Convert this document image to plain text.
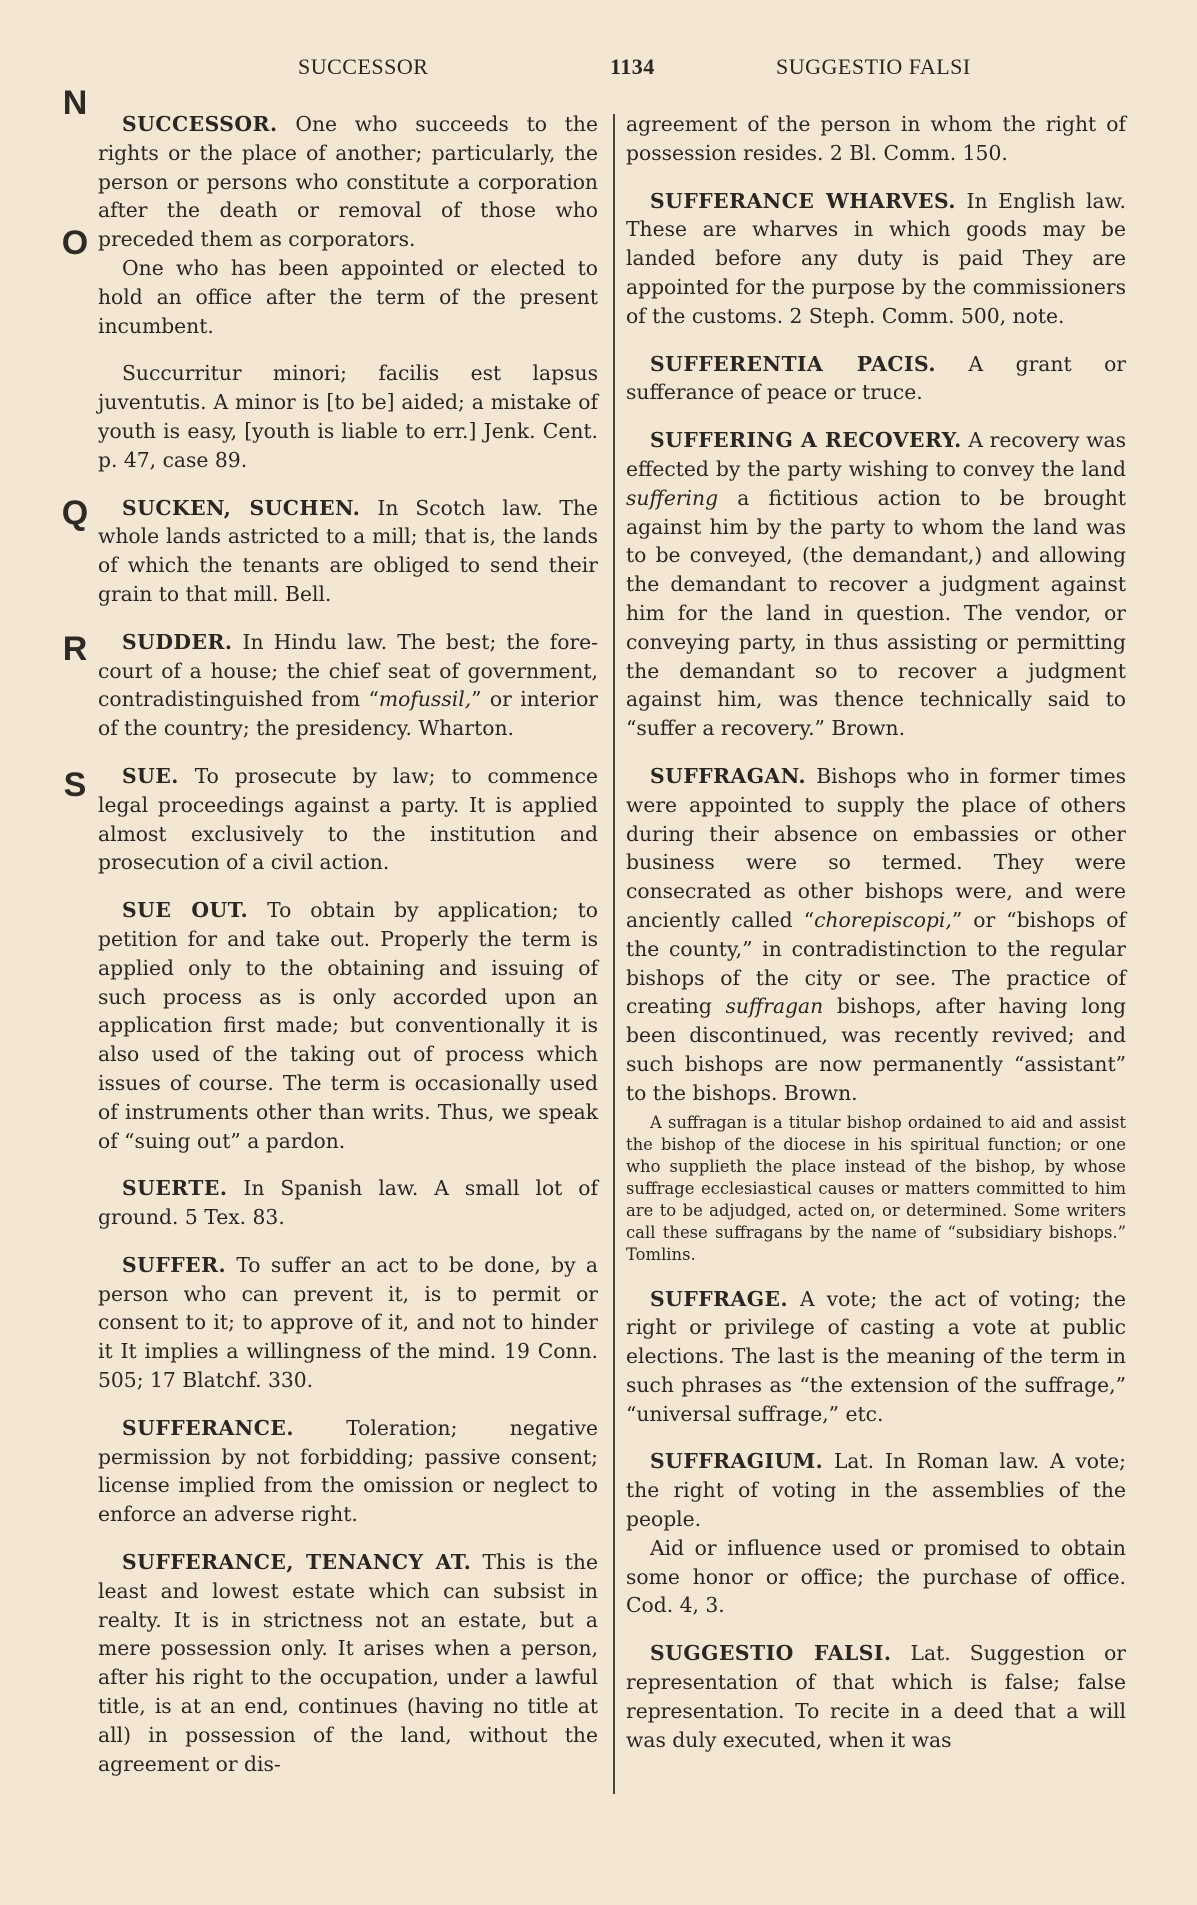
SUCCESSOR	1134	SUGGESTIO FALSI
N
O
Q
R
S

SUCCESSOR. One who succeeds to the rights or the place of another; particularly, the person or persons who constitute a corporation after the death or removal of those who preceded them as corporators.

One who has been appointed or elected to hold an office after the term of the present incumbent.

Succurritur minori; facilis est lapsus juventutis. A minor is [to be] aided; a mistake of youth is easy, [youth is liable to err.] Jenk. Cent. p. 47, case 89.

SUCKEN, SUCHEN. In Scotch law. The whole lands astricted to a mill; that is, the lands of which the tenants are obliged to send their grain to that mill. Bell.

SUDDER. In Hindu law. The best; the fore-court of a house; the chief seat of government, contradistinguished from “mofussil,” or interior of the country; the presidency. Wharton.

SUE. To prosecute by law; to commence legal proceedings against a party. It is applied almost exclusively to the institution and prosecution of a civil action.

SUE OUT. To obtain by application; to petition for and take out. Properly the term is applied only to the obtaining and issuing of such process as is only accorded upon an application first made; but conventionally it is also used of the taking out of process which issues of course. The term is occasionally used of instruments other than writs. Thus, we speak of “suing out” a pardon.

SUERTE. In Spanish law. A small lot of ground. 5 Tex. 83.

SUFFER. To suffer an act to be done, by a person who can prevent it, is to permit or consent to it; to approve of it, and not to hinder it It implies a willingness of the mind. 19 Conn. 505; 17 Blatchf. 330.

SUFFERANCE.	Toleration; negative permission by not forbidding; passive consent; license implied from the omission or neglect to enforce an adverse right.

SUFFERANCE, TENANCY AT. This is the least and lowest estate which can subsist in realty. It is in strictness not an estate, but a mere possession only. It arises when a person, after his right to the occupation, under a lawful title, is at an end, continues (having no title at all) in possession of the land, without the agreement or dis-

agreement of the person in whom the right of possession resides. 2 Bl. Comm. 150.

SUFFERANCE WHARVES. In English law. These are wharves in which goods may be landed before any duty is paid They are appointed for the purpose by the commissioners of the customs. 2 Steph. Comm. 500, note.

SUFFERENTIA PACIS. A grant or sufferance of peace or truce.

SUFFERING A RECOVERY. A recovery was effected by the party wishing to convey the land suffering a fictitious action to be brought against him by the party to whom the land was to be conveyed, (the demandant,) and allowing the demandant to recover a judgment against him for the land in question. The vendor, or conveying party, in thus assisting or permitting the demandant so to recover a judgment against him, was thence technically said to “suffer a recovery.” Brown.

SUFFRAGAN. Bishops who in former times were appointed to supply the place of others during their absence on embassies or other business were so termed. They were consecrated as other bishops were, and were anciently called “chorepiscopi,” or “bishops of the county,” in contradistinction to the regular bishops of the city or see. The practice of creating suffragan bishops, after having long been discontinued, was recently revived; and such bishops are now permanently “assistant” to the bishops. Brown.

A suffragan is a titular bishop ordained to aid and assist the bishop of the diocese in his spiritual function; or one who supplieth the place instead of the bishop, by whose suffrage ecclesiastical causes or matters committed to him are to be adjudged, acted on, or determined. Some writers call these suffragans by the name of “subsidiary bishops.” Tomlins.

SUFFRAGE. A vote; the act of voting; the right or privilege of casting a vote at public elections. The last is the meaning of the term in such phrases as “the extension of the suffrage,” “universal suffrage,” etc.

SUFFRAGIUM. Lat. In Roman law. A vote; the right of voting in the assemblies of the people.

Aid or influence used or promised to obtain some honor or office; the purchase of office. Cod. 4, 3.

SUGGESTIO FALSI. Lat. Suggestion or representation of that which is false; false representation. To recite in a deed that a will was duly executed, when it was
